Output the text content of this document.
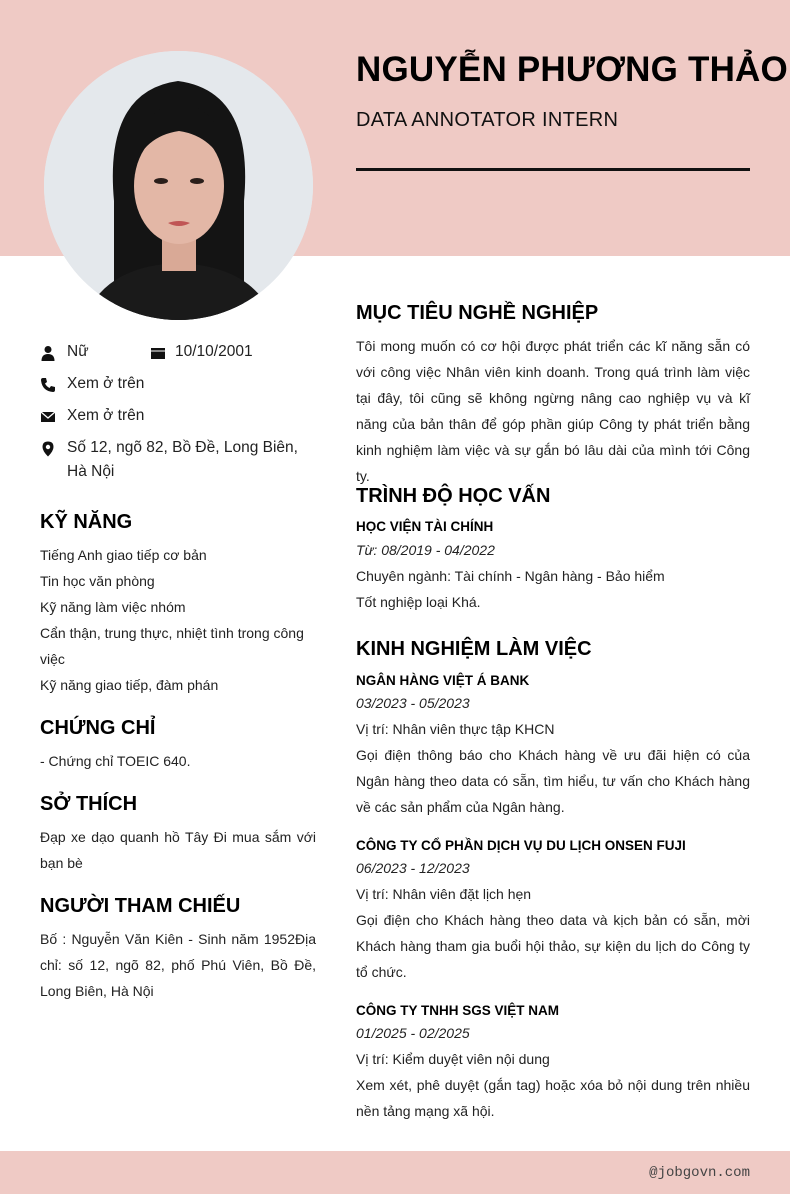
NGUYỄN PHƯƠNG THẢO
DATA ANNOTATOR INTERN
Nữ	10/10/2001
Xem ở trên
Xem ở trên
Số 12, ngõ 82, Bồ Đề, Long Biên, Hà Nội
KỸ NĂNG
Tiếng Anh giao tiếp cơ bản
Tin học văn phòng
Kỹ năng làm việc nhóm
Cẩn thận, trung thực, nhiệt tình trong công việc
Kỹ năng giao tiếp, đàm phán
CHỨNG CHỈ
- Chứng chỉ TOEIC 640.
SỞ THÍCH
Đạp xe dạo quanh hồ Tây Đi mua sắm với bạn bè
NGƯỜI THAM CHIẾU
Bố : Nguyễn Văn Kiên - Sinh năm 1952Địa chỉ: số 12, ngõ 82, phố Phú Viên, Bồ Đề, Long Biên, Hà Nội
MỤC TIÊU NGHỀ NGHIỆP
Tôi mong muốn có cơ hội được phát triển các kĩ năng sẵn có với công việc Nhân viên kinh doanh. Trong quá trình làm việc tại đây, tôi cũng sẽ không ngừng nâng cao nghiệp vụ và kĩ năng của bản thân để góp phần giúp Công ty phát triển bằng kinh nghiệm làm việc và sự gắn bó lâu dài của mình tới Công ty.
TRÌNH ĐỘ HỌC VẤN
HỌC VIỆN TÀI CHÍNH
Từ: 08/2019 - 04/2022
Chuyên ngành: Tài chính - Ngân hàng - Bảo hiểm
Tốt nghiệp loại Khá.
KINH NGHIỆM LÀM VIỆC
NGÂN HÀNG VIỆT Á BANK
03/2023 - 05/2023
Vị trí: Nhân viên thực tập KHCN
Gọi điện thông báo cho Khách hàng về ưu đãi hiện có của Ngân hàng theo data có sẵn, tìm hiểu, tư vấn cho Khách hàng về các sản phẩm của Ngân hàng.
CÔNG TY CỔ PHẦN DỊCH VỤ DU LỊCH ONSEN FUJI
06/2023 - 12/2023
Vị trí: Nhân viên đặt lịch hẹn
Gọi điện cho Khách hàng theo data và kịch bản có sẵn, mời Khách hàng tham gia buổi hội thảo, sự kiện du lịch do Công ty tổ chức.
CÔNG TY TNHH SGS VIỆT NAM
01/2025 - 02/2025
Vị trí: Kiểm duyệt viên nội dung
Xem xét, phê duyệt (gắn tag) hoặc xóa bỏ nội dung trên nhiều nền tảng mạng xã hội.
@jobgovn.com
